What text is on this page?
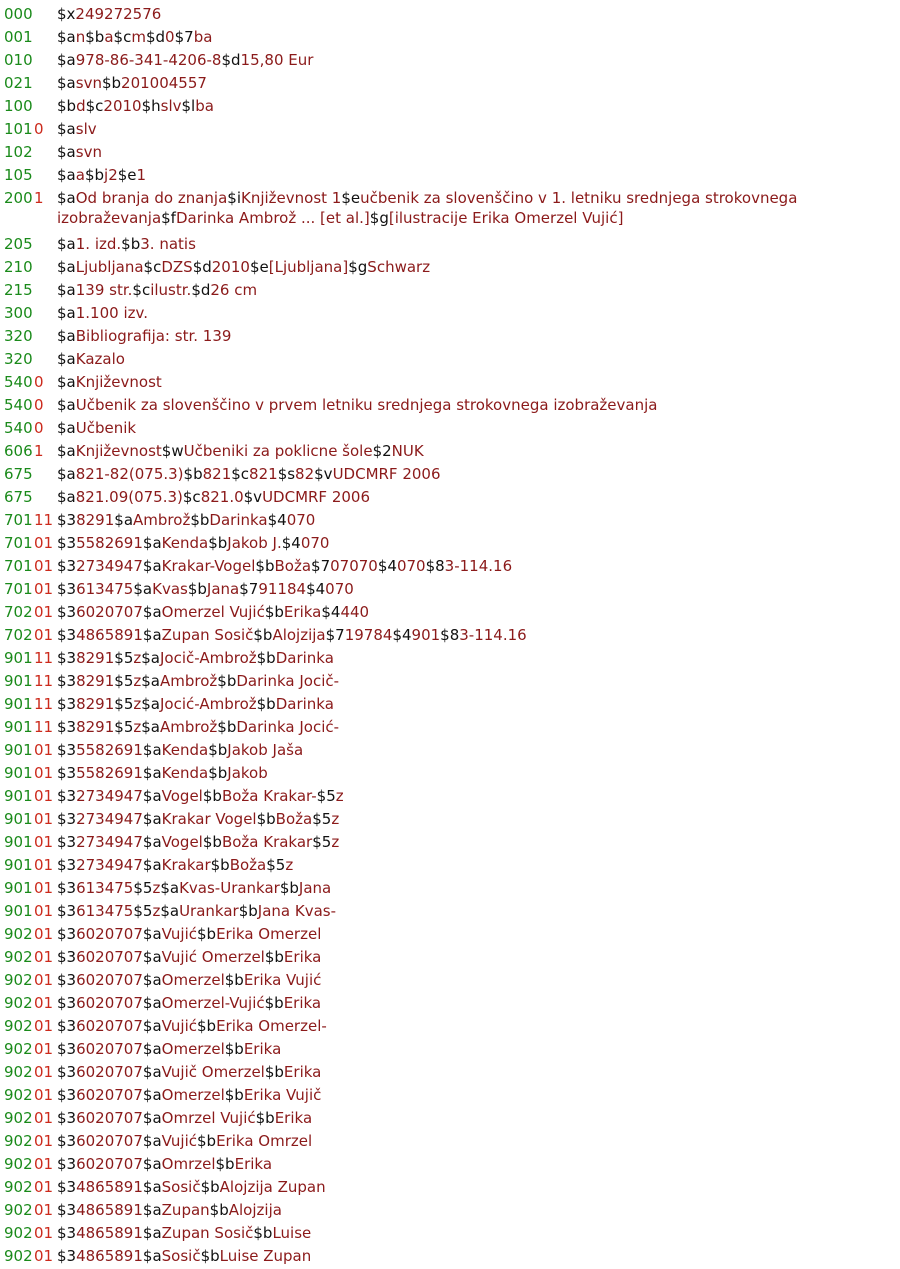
000 $x249272576
001 $an$ba$cm$d0$7ba
010 $a978-86-341-4206-8$d15,80 Eur
021 $asvn$b201004557
100 $bd$c2010$hslv$lba
101 0 $aslv
102 $asvn
105 $aa$bj2$e1
200 1 $aOd branja do znanja$iKnjiževnost 1$eučbenik za slovenščino v 1. letniku srednjega strokovnega izobraževanja$fDarinka Ambrož ... [et al.]$g[ilustracije Erika Omerzel Vujić]
205 $a1. izd.$b3. natis
210 $aLjubljana$cDZS$d2010$e[Ljubljana]$gSchwarz
215 $a139 str.$cilustr.$d26 cm
300 $a1.100 izv.
320 $aBibliografija: str. 139
320 $aKazalo
540 0 $aKnjiževnost
540 0 $aUčbenik za slovenščino v prvem letniku srednjega strokovnega izobraževanja
540 0 $aUčbenik
606 1 $aKnjiževnost$wUčbeniki za poklicne šole$2NUK
675 $a821-82(075.3)$b821$c821$s82$vUDCMRF 2006
675 $a821.09(075.3)$c821.0$vUDCMRF 2006
701 11 $38291$aAmbrož$bDarinka$4070
701 01 $35582691$aKenda$bJakob J.$4070
701 01 $32734947$aKrakar-Vogel$bBoža$707070$4070$83-114.16
701 01 $3613475$aKvas$bJana$791184$4070
702 01 $36020707$aOmerzel Vujić$bErika$4440
702 01 $34865891$aZupan Sosič$bAlojzija$719784$4901$83-114.16
901 11 $38291$5z$aJocič-Ambrož$bDarinka
901 11 $38291$5z$aAmbrož$bDarinka Jocič-
901 11 $38291$5z$aJocić-Ambrož$bDarinka
901 11 $38291$5z$aAmbrož$bDarinka Jocić-
901 01 $35582691$aKenda$bJakob Jaša
901 01 $35582691$aKenda$bJakob
901 01 $32734947$aVogel$bBoža Krakar-$5z
901 01 $32734947$aKrakar Vogel$bBoža$5z
901 01 $32734947$aVogel$bBoža Krakar$5z
901 01 $32734947$aKrakar$bBoža$5z
901 01 $3613475$5z$aKvas-Urankar$bJana
901 01 $3613475$5z$aUrankar$bJana Kvas-
902 01 $36020707$aVujić$bErika Omerzel
902 01 $36020707$aVujić Omerzel$bErika
902 01 $36020707$aOmerzel$bErika Vujić
902 01 $36020707$aOmerzel-Vujić$bErika
902 01 $36020707$aVujić$bErika Omerzel-
902 01 $36020707$aOmerzel$bErika
902 01 $36020707$aVujič Omerzel$bErika
902 01 $36020707$aOmerzel$bErika Vujič
902 01 $36020707$aOmrzel Vujić$bErika
902 01 $36020707$aVujić$bErika Omrzel
902 01 $36020707$aOmrzel$bErika
902 01 $34865891$aSosič$bAlojzija Zupan
902 01 $34865891$aZupan$bAlojzija
902 01 $34865891$aZupan Sosič$bLuise
902 01 $34865891$aSosič$bLuise Zupan
